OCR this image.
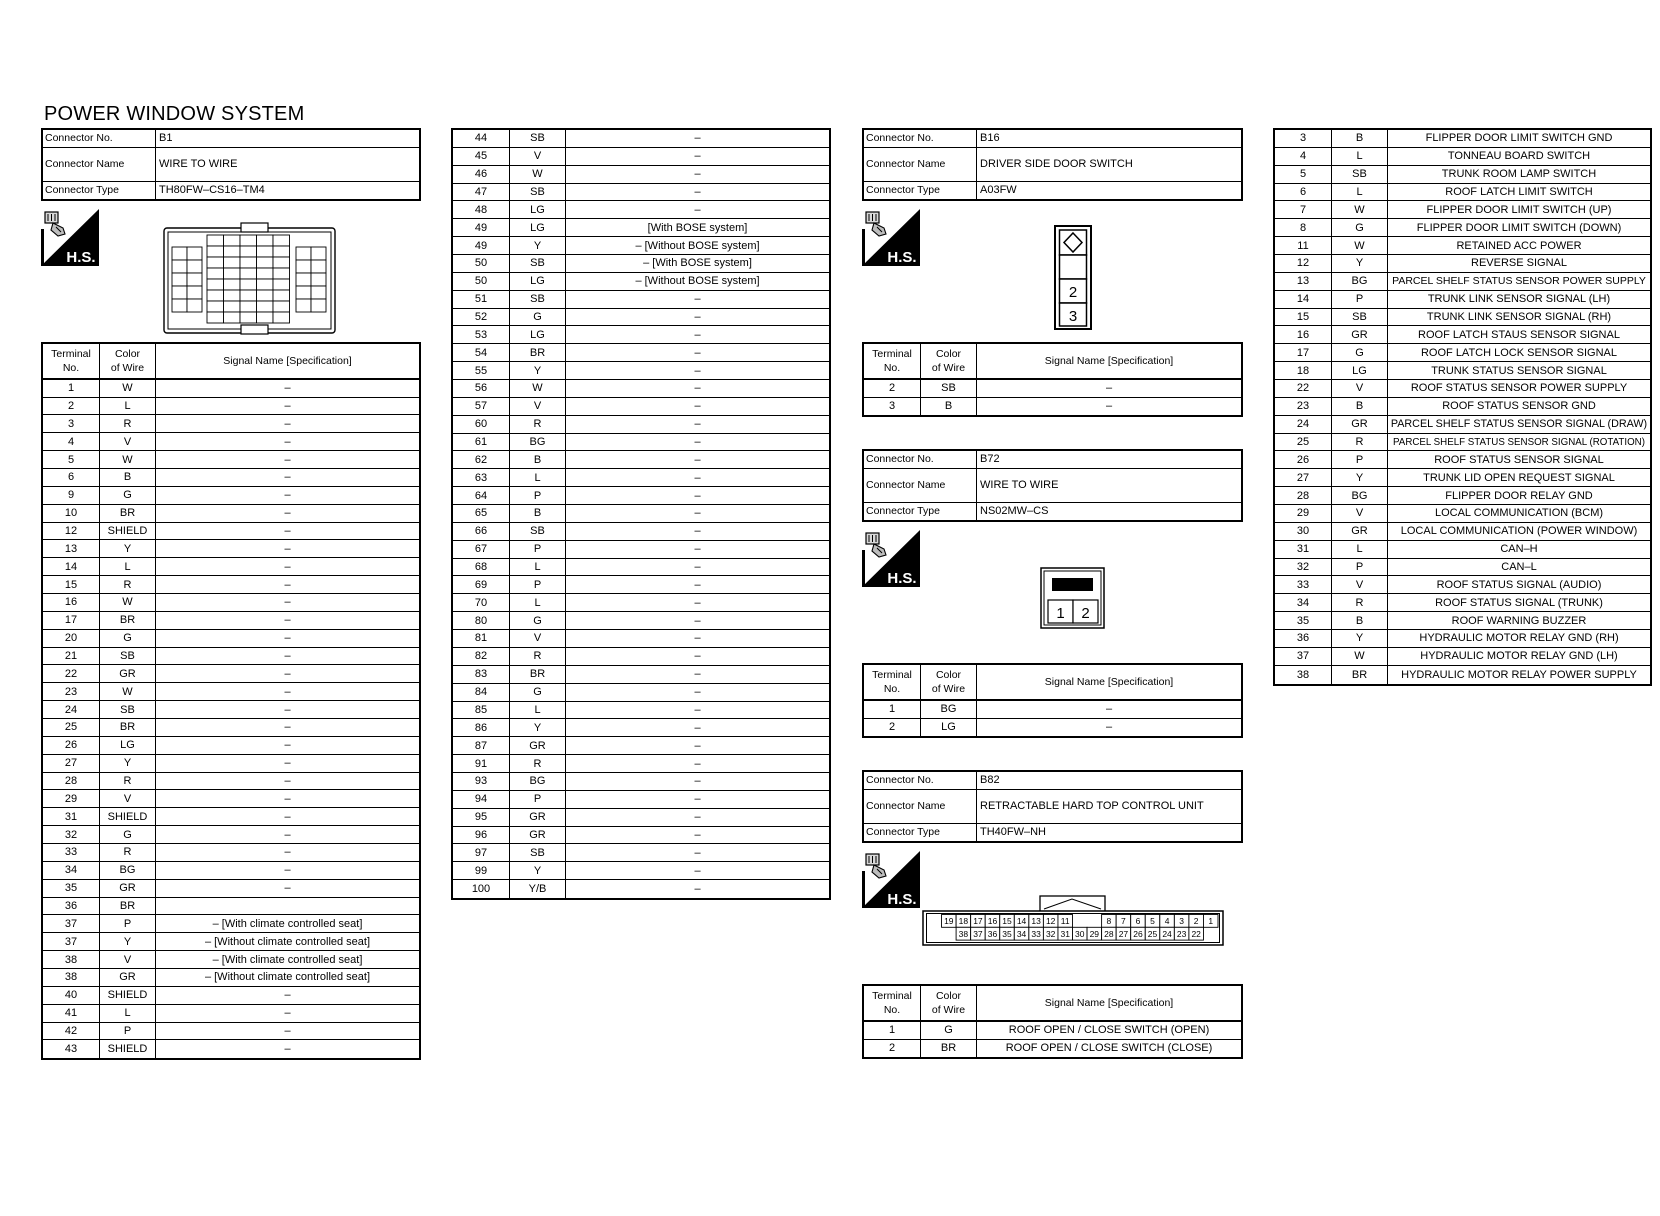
POWER WINDOW SYSTEM
Connector No.	B1
Connector Name	WIRE TO WIRE
Connector Type	TH80FW–CS16–TM4
H.S.
Terminal
No.
Color
of Wire
Signal Name [Specification]
1	W	–
2	L	–
3	R	–
4	V	–
5	W	–
6	B	–
9	G	–
10	BR	–
12	SHIELD	–
13	Y	–
14	L	–
15	R	–
16	W	–
17	BR	–
20	G	–
21	SB	–
22	GR	–
23	W	–
24	SB	–
25	BR	–
26	LG	–
27	Y	–
28	R	–
29	V	–
31	SHIELD	–
32	G	–
33	R	–
34	BG	–
35	GR	–
36	BR
37	P	– [With climate controlled seat]
37	Y	– [Without climate controlled seat]
38	V	– [With climate controlled seat]
38	GR	– [Without climate controlled seat]
40	SHIELD	–
41	L	–
42	P	–
43	SHIELD	–
44	SB	–
45	V	–
46	W	–
47	SB	–
48	LG	–
49	LG	[With BOSE system]
49	Y	– [Without BOSE system]
50	SB	– [With BOSE system]
50	LG	– [Without BOSE system]
51	SB	–
52	G	–
53	LG	–
54	BR	–
55	Y	–
56	W	–
57	V	–
60	R	–
61	BG	–
62	B	–
63	L	–
64	P	–
65	B	–
66	SB	–
67	P	–
68	L	–
69	P	–
70	L	–
80	G	–
81	V	–
82	R	–
83	BR	–
84	G	–
85	L	–
86	Y	–
87	GR	–
91	R	–
93	BG	–
94	P	–
95	GR	–
96	GR	–
97	SB	–
99	Y	–
100	Y/B	–
Connector No.	B16
Connector Name	DRIVER SIDE DOOR SWITCH
Connector Type	A03FW
H.S.
2
3
Terminal
No.
Color
of Wire
Signal Name [Specification]
2	SB	–
3	B	–
Connector No.	B72
Connector Name	WIRE TO WIRE
Connector Type	NS02MW–CS
H.S.
1 2
Terminal
No.
Color
of Wire
Signal Name [Specification]
1	BG	–
2	LG	–
Connector No.	B82
Connector Name	RETRACTABLE HARD TOP CONTROL UNIT
Connector Type	TH40FW–NH
H.S.
19 18 17 16 15 14 13 12 11	8 7 6 5 4 3 2 1
38 37 36 35 34 33 32 31 30 29 28 27 26 25 24 23 22
Terminal
No.
Color
of Wire
Signal Name [Specification]
1	G	ROOF OPEN / CLOSE SWITCH (OPEN)
2	BR	ROOF OPEN / CLOSE SWITCH (CLOSE)
3	B	FLIPPER DOOR LIMIT SWITCH GND
4	L	TONNEAU BOARD SWITCH
5	SB	TRUNK ROOM LAMP SWITCH
6	L	ROOF LATCH LIMIT SWITCH
7	W	FLIPPER DOOR LIMIT SWITCH (UP)
8	G	FLIPPER DOOR LIMIT SWITCH (DOWN)
11	W	RETAINED ACC POWER
12	Y	REVERSE SIGNAL
13	BG	PARCEL SHELF STATUS SENSOR POWER SUPPLY
14	P	TRUNK LINK SENSOR SIGNAL (LH)
15	SB	TRUNK LINK SENSOR SIGNAL (RH)
16	GR	ROOF LATCH STAUS SENSOR SIGNAL
17	G	ROOF LATCH LOCK SENSOR SIGNAL
18	LG	TRUNK STATUS SENSOR SIGNAL
22	V	ROOF STATUS SENSOR POWER SUPPLY
23	B	ROOF STATUS SENSOR GND
24	GR	PARCEL SHELF STATUS SENSOR SIGNAL (DRAW)
25	R	PARCEL SHELF STATUS SENSOR SIGNAL (ROTATION)
26	P	ROOF STATUS SENSOR SIGNAL
27	Y	TRUNK LID OPEN REQUEST SIGNAL
28	BG	FLIPPER DOOR RELAY GND
29	V	LOCAL COMMUNICATION (BCM)
30	GR	LOCAL COMMUNICATION (POWER WINDOW)
31	L	CAN–H
32	P	CAN–L
33	V	ROOF STATUS SIGNAL (AUDIO)
34	R	ROOF STATUS SIGNAL (TRUNK)
35	B	ROOF WARNING BUZZER
36	Y	HYDRAULIC MOTOR RELAY GND (RH)
37	W	HYDRAULIC MOTOR RELAY GND (LH)
38	BR	HYDRAULIC MOTOR RELAY POWER SUPPLY
